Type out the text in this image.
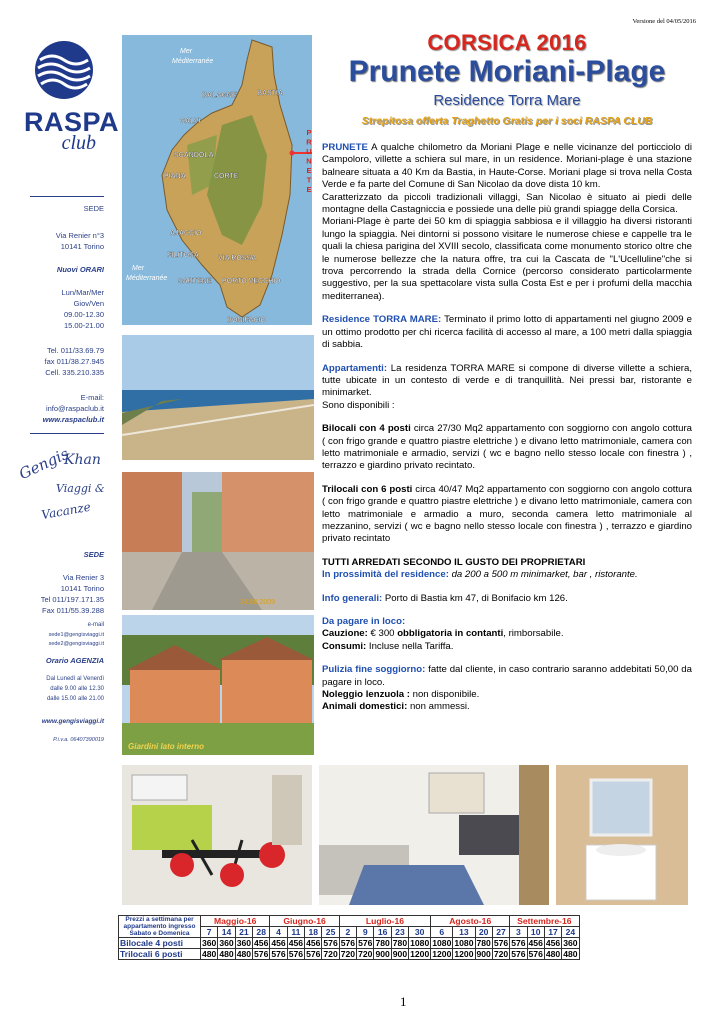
Versione del 04/05/2016
RASPA
club
SEDE
Via Renier n°3
10141 Torino
Nuovi ORARI
Lun/Mar/Mer
Giov/Ven
09.00-12.30
15.00-21.00
Tel. 011/33.69.79
fax 011/38.27.945
Cell. 335.210.335
E-mail:
info@raspaclub.it
www.raspaclub.it
Gengis
Khan
Viaggi &
Vacanze
SEDE
Via Renier 3
10141 Torino
Tel 011/197.171.35
Fax 011/55.39.288
e-mail
sede1@gengisviaggi.it
sede2@gengisviaggi.it
Orario AGENZIA
Dal Lunedì al Venerdì
dalle 9.00 alle 12.30
dalle 15.00 alle 21.00
www.gengisviaggi.it
P.i.v.a. 06407390019
Mer
Méditerranée
Mer
Méditerranée
BALAGNE
CALVI
BASTIA
SCANDOLA
PIANA	CORTE
AJACCIO
FILITOSA	VIA ROSSA
SARTENE PORTO VECCHIO
BONIFACIO
PRUNETE
24.08.2009
Giardini lato interno
CORSICA 2016
Prunete Moriani-Plage
Residence Torra Mare
Strepitosa offerta Traghetto Gratis per i soci RASPA CLUB

PRUNETE A qualche chilometro da Moriani Plage e nelle vicinanze del porticciolo di Campoloro, villette a schiera sul mare, in un residence. Moriani-plage è una stazione balneare situata a 40 Km da Bastia, in Haute-Corse. Moriani plage si trova nella Costa Verde e fa parte del Comune di San Nicolao da dove dista 10 km.

Caratterizzato da piccoli tradizionali villaggi, San Nicolao è situato ai piedi delle montagne della Castagniccia e possiede una delle più grandi spiagge della Corsica.

Moriani-Plage è parte dei 50 km di spiaggia sabbiosa e il villaggio ha diversi ristoranti lungo la spiaggia. Nei dintorni si possono visitare le numerose chiese e cappelle tra le quali la chiesa parigina del XVIII secolo, classificata come monumento storico oltre che le numerose bellezze che la natura offre, tra cui la Cascata de "L'Ucelluline"che si trova percorrendo la strada della Cornice (percorso considerato particolarmente suggestivo, per la sua spettacolare vista sulla Costa Est e per i profumi della macchia mediterranea).

Residence TORRA MARE: Terminato il primo lotto di appartamenti nel giugno 2009 e un ottimo prodotto per chi ricerca facilità di accesso al mare, a 100 metri dalla spiaggia di sabbia.

Appartamenti: La residenza TORRA MARE si compone di diverse villette a schiera, tutte ubicate in un contesto di verde e di tranquillità. Nei pressi bar, ristorante e minimarket.

Sono disponibili :

Bilocali con 4 posti circa 27/30 Mq2 appartamento con soggiorno con angolo cottura ( con frigo grande e quattro piastre elettriche ) e divano letto matrimoniale, camera con letto matrimoniale e armadio, servizi ( wc e bagno nello stesso locale con finestra ) , terrazzo e giardino privato recintato.

Trilocali con 6 posti circa 40/47 Mq2 appartamento con soggiorno con angolo cottura ( con frigo grande e quattro piastre elettriche ) e divano letto matrimoniale, camera con letto matrimoniale e armadio a muro, seconda camera letto matrimoniale al mezzanino, servizi ( wc e bagno nello stesso locale con finestra ) , terrazzo e giardino privato recintato

TUTTI ARREDATI SECONDO IL GUSTO DEI PROPRIETARI
In prossimità del residence: da 200 a 500 m minimarket, bar , ristorante.

Info generali: Porto di Bastia km 47, di Bonifacio km 126.

Da pagare in loco:
Cauzione: € 300 obbligatoria in contanti, rimborsabile.
Consumi: Incluse nella Tariffa.

Pulizia fine soggiorno: fatte dal cliente, in caso contrario saranno addebitati 50,00 da pagare in loco.
Noleggio lenzuola : non disponibile.
Animali domestici: non ammessi.

Prezzi a settimana per appartamento ingresso Sabato e Domenica	Maggio-16				Giugno-16				Luglio-16					Agosto-16				Settembre-16			
	7	14	21	28	4	11	18	25	2	9	16	23	30	6	13	20	27	3	10	17	24
Bilocale 4 posti	360	360	360	456	456	456	456	576	576	576	780	780	1080	1080	1080	780	576	576	456	456	360
Trilocali 6 posti	480	480	480	576	576	576	576	720	720	720	900	900	1200	1200	1200	900	720	576	576	480	480
1
